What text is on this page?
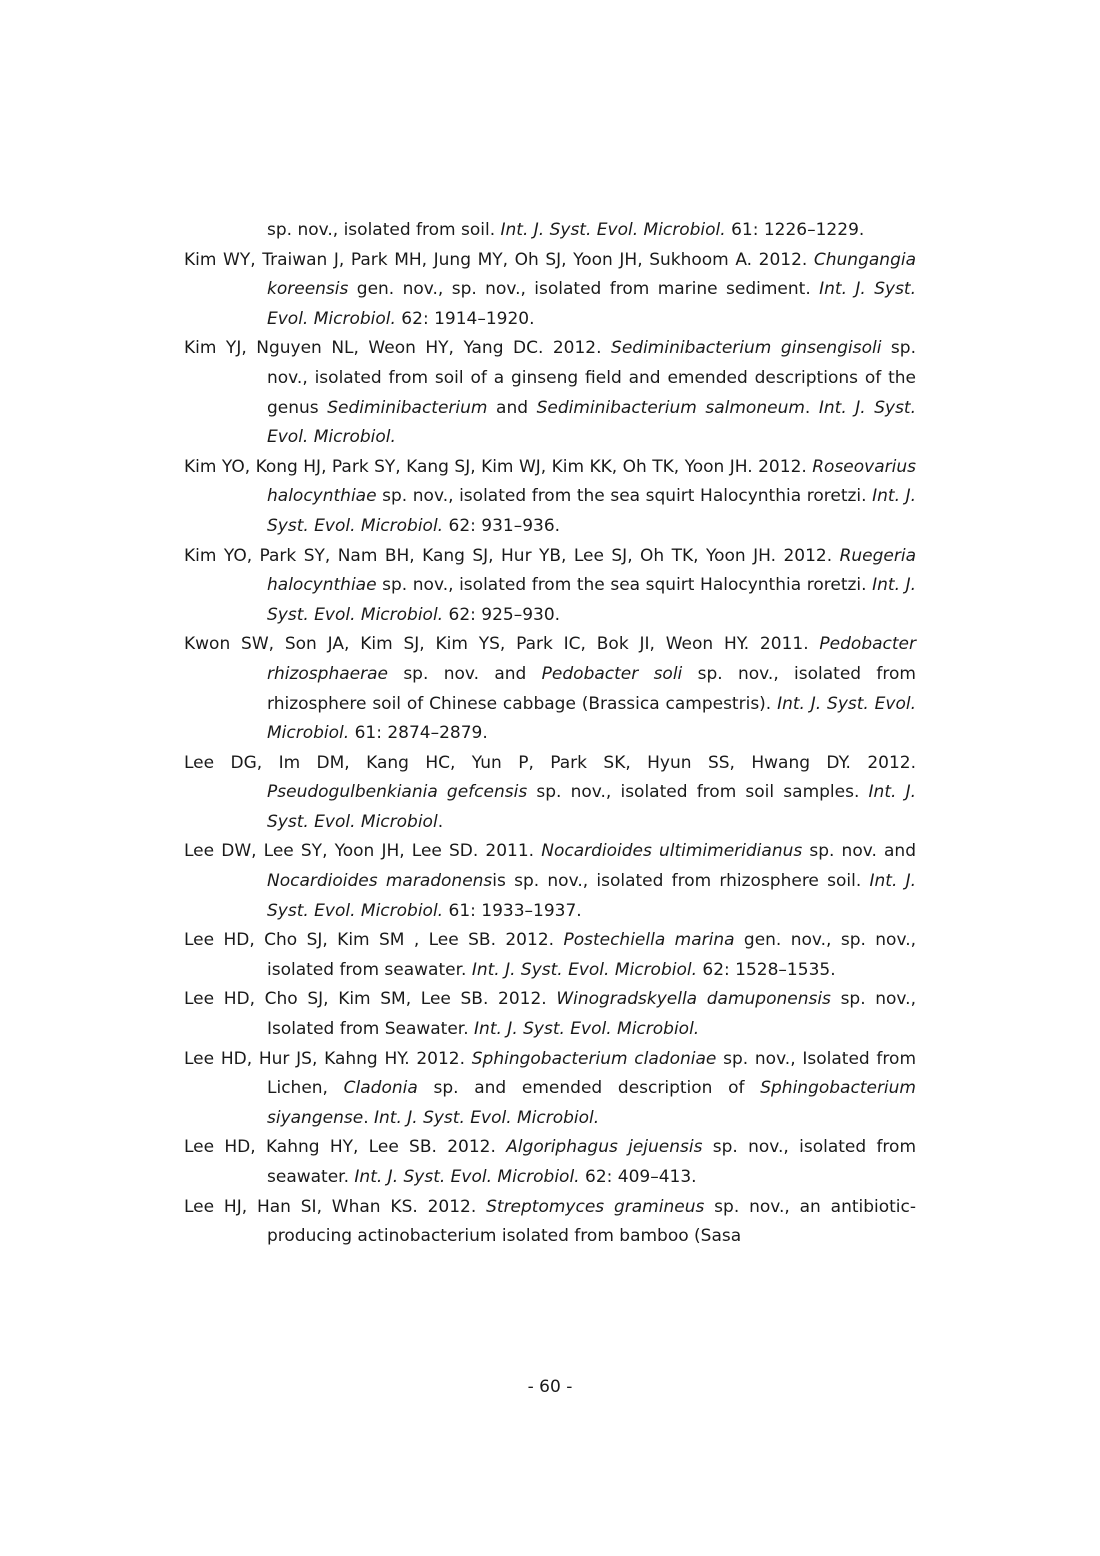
sp. nov., isolated from soil. Int. J. Syst. Evol. Microbiol. 61: 1226–1229.

Kim WY, Traiwan J, Park MH, Jung MY, Oh SJ, Yoon JH, Sukhoom A. 2012. Chungangia koreensis gen. nov., sp. nov., isolated from marine sediment. Int. J. Syst. Evol. Microbiol. 62: 1914–1920.

Kim YJ, Nguyen NL, Weon HY, Yang DC. 2012. Sediminibacterium ginsengisoli sp. nov., isolated from soil of a ginseng field and emended descriptions of the genus Sediminibacterium and Sediminibacterium salmoneum. Int. J. Syst. Evol. Microbiol.

Kim YO, Kong HJ, Park SY, Kang SJ, Kim WJ, Kim KK, Oh TK, Yoon JH. 2012. Roseovarius halocynthiae sp. nov., isolated from the sea squirt Halocynthia roretzi. Int. J. Syst. Evol. Microbiol. 62: 931–936.

Kim YO, Park SY, Nam BH, Kang SJ, Hur YB, Lee SJ, Oh TK, Yoon JH. 2012. Ruegeria halocynthiae sp. nov., isolated from the sea squirt Halocynthia roretzi. Int. J. Syst. Evol. Microbiol. 62: 925–930.

Kwon SW, Son JA, Kim SJ, Kim YS, Park IC, Bok JI, Weon HY. 2011. Pedobacter rhizosphaerae sp. nov. and Pedobacter soli sp. nov., isolated from rhizosphere soil of Chinese cabbage (Brassica campestris). Int. J. Syst. Evol. Microbiol. 61: 2874–2879.

Lee DG, Im DM, Kang HC, Yun P, Park SK, Hyun SS, Hwang DY. 2012. Pseudogulbenkiania gefcensis sp. nov., isolated from soil samples. Int. J. Syst. Evol. Microbiol.

Lee DW, Lee SY, Yoon JH, Lee SD. 2011. Nocardioides ultimimeridianus sp. nov. and Nocardioides maradonensis sp. nov., isolated from rhizosphere soil. Int. J. Syst. Evol. Microbiol. 61: 1933–1937.

Lee HD, Cho SJ, Kim SM , Lee SB. 2012. Postechiella marina gen. nov., sp. nov., isolated from seawater. Int. J. Syst. Evol. Microbiol. 62: 1528–1535.

Lee HD, Cho SJ, Kim SM, Lee SB. 2012. Winogradskyella damuponensis sp. nov., Isolated from Seawater. Int. J. Syst. Evol. Microbiol.

Lee HD, Hur JS, Kahng HY. 2012. Sphingobacterium cladoniae sp. nov., Isolated from Lichen, Cladonia sp. and emended description of Sphingobacterium siyangense. Int. J. Syst. Evol. Microbiol.

Lee HD, Kahng HY, Lee SB. 2012. Algoriphagus jejuensis sp. nov., isolated from seawater. Int. J. Syst. Evol. Microbiol. 62: 409–413.

Lee HJ, Han SI, Whan KS. 2012. Streptomyces gramineus sp. nov., an antibiotic-producing actinobacterium isolated from bamboo (Sasa

- 60 -
